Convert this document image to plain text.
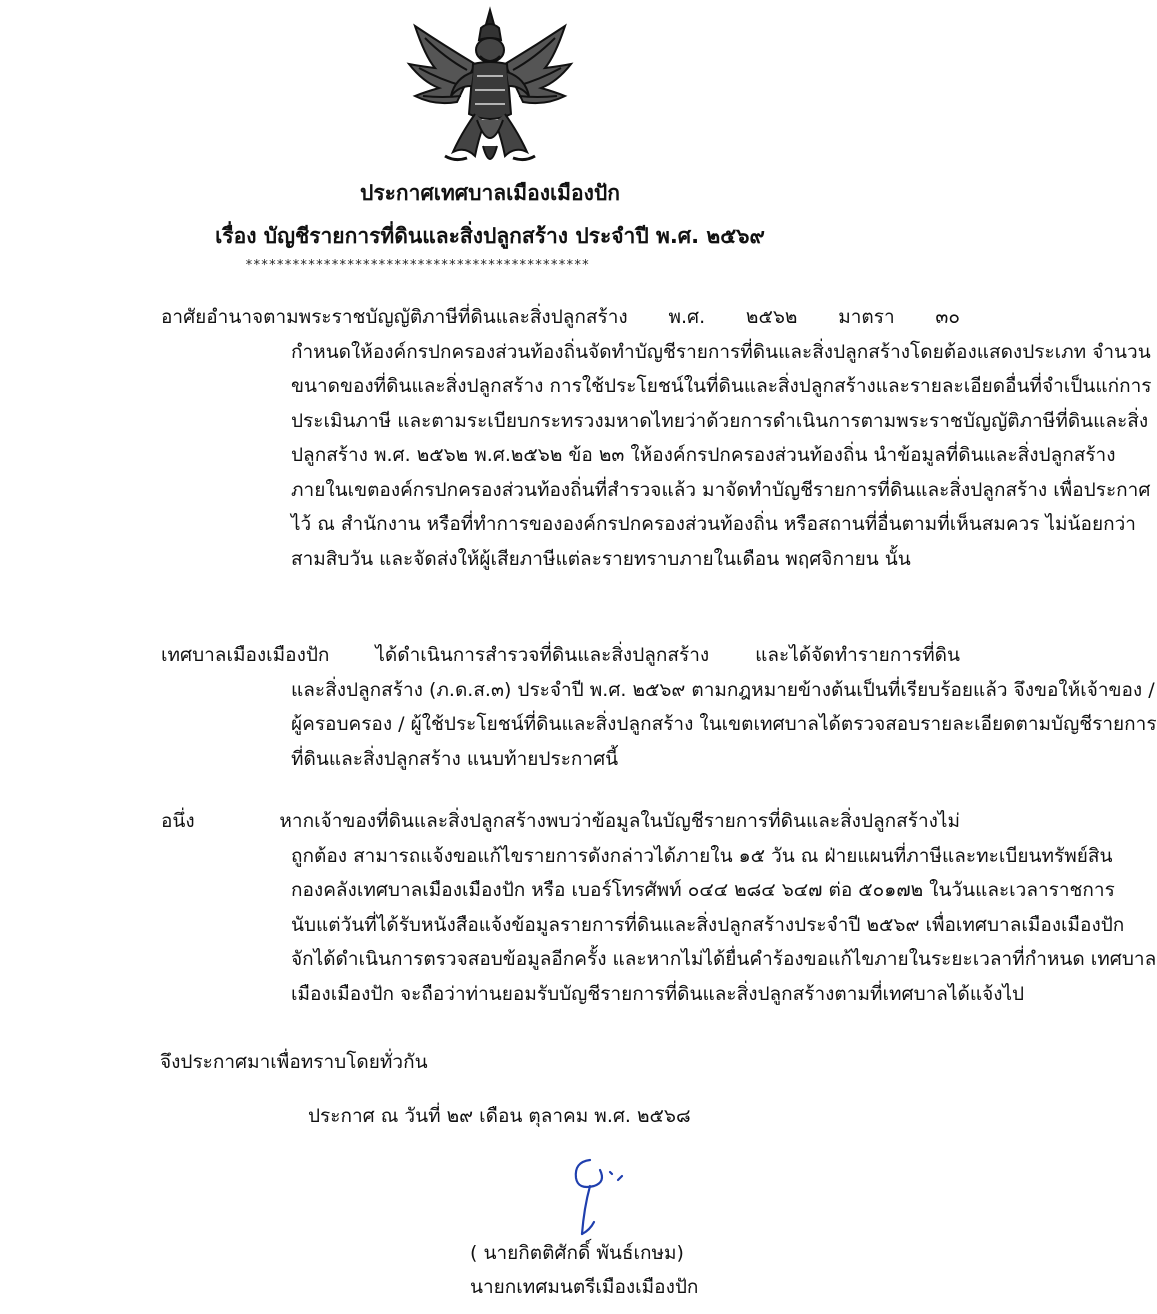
ประกาศเทศบาลเมืองเมืองปัก
เรื่อง บัญชีรายการที่ดินและสิ่งปลูกสร้าง ประจำปี พ.ศ. ๒๕๖๙
********************************************
อาศัยอำนาจตามพระราชบัญญัติภาษีที่ดินและสิ่งปลูกสร้าง พ.ศ. ๒๕๖๒ มาตรา ๓๐
กำหนดให้องค์กรปกครองส่วนท้องถิ่นจัดทำบัญชีรายการที่ดินและสิ่งปลูกสร้างโดยต้องแสดงประเภท จำนวน
ขนาดของที่ดินและสิ่งปลูกสร้าง การใช้ประโยชน์ในที่ดินและสิ่งปลูกสร้างและรายละเอียดอื่นที่จำเป็นแก่การ
ประเมินภาษี และตามระเบียบกระทรวงมหาดไทยว่าด้วยการดำเนินการตามพระราชบัญญัติภาษีที่ดินและสิ่ง
ปลูกสร้าง พ.ศ. ๒๕๖๒ พ.ศ.๒๕๖๒ ข้อ ๒๓ ให้องค์กรปกครองส่วนท้องถิ่น นำข้อมูลที่ดินและสิ่งปลูกสร้าง
ภายในเขตองค์กรปกครองส่วนท้องถิ่นที่สำรวจแล้ว มาจัดทำบัญชีรายการที่ดินและสิ่งปลูกสร้าง เพื่อประกาศ
ไว้ ณ สำนักงาน หรือที่ทำการขององค์กรปกครองส่วนท้องถิ่น หรือสถานที่อื่นตามที่เห็นสมควร ไม่น้อยกว่า
สามสิบวัน และจัดส่งให้ผู้เสียภาษีแต่ละรายทราบภายในเดือน พฤศจิกายน นั้น
เทศบาลเมืองเมืองปัก ได้ดำเนินการสำรวจที่ดินและสิ่งปลูกสร้าง และได้จัดทำรายการที่ดิน
และสิ่งปลูกสร้าง (ภ.ด.ส.๓) ประจำปี พ.ศ. ๒๕๖๙ ตามกฎหมายข้างต้นเป็นที่เรียบร้อยแล้ว จึงขอให้เจ้าของ /
ผู้ครอบครอง / ผู้ใช้ประโยชน์ที่ดินและสิ่งปลูกสร้าง ในเขตเทศบาลได้ตรวจสอบรายละเอียดตามบัญชีรายการ
ที่ดินและสิ่งปลูกสร้าง แนบท้ายประกาศนี้
อนึ่ง หากเจ้าของที่ดินและสิ่งปลูกสร้างพบว่าข้อมูลในบัญชีรายการที่ดินและสิ่งปลูกสร้างไม่
ถูกต้อง สามารถแจ้งขอแก้ไขรายการดังกล่าวได้ภายใน ๑๕ วัน ณ ฝ่ายแผนที่ภาษีและทะเบียนทรัพย์สิน
กองคลังเทศบาลเมืองเมืองปัก หรือ เบอร์โทรศัพท์ ๐๔๔ ๒๘๔ ๖๔๗ ต่อ ๕๐๑๗๒ ในวันและเวลาราชการ
นับแต่วันที่ได้รับหนังสือแจ้งข้อมูลรายการที่ดินและสิ่งปลูกสร้างประจำปี ๒๕๖๙ เพื่อเทศบาลเมืองเมืองปัก
จักได้ดำเนินการตรวจสอบข้อมูลอีกครั้ง และหากไม่ได้ยื่นคำร้องขอแก้ไขภายในระยะเวลาที่กำหนด เทศบาล
เมืองเมืองปัก จะถือว่าท่านยอมรับบัญชีรายการที่ดินและสิ่งปลูกสร้างตามที่เทศบาลได้แจ้งไป

จึงประกาศมาเพื่อทราบโดยทั่วกัน

ประกาศ ณ วันที่ ๒๙ เดือน ตุลาคม พ.ศ. ๒๕๖๘

( นายกิตติศักดิ์ พันธ์เกษม)

นายกเทศมนตรีเมืองเมืองปัก
